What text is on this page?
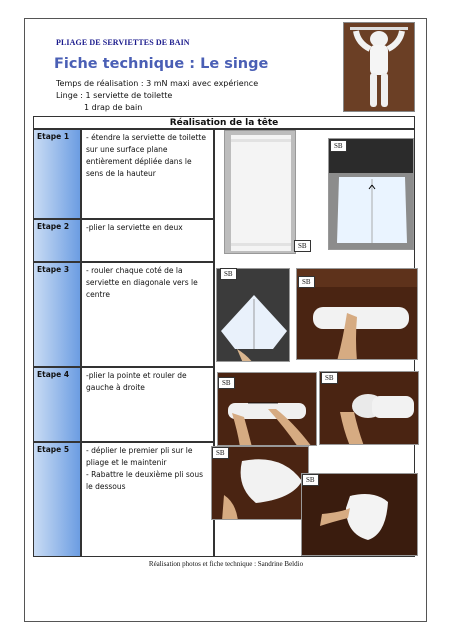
PLIAGE DE SERVIETTES DE BAIN
Fiche technique : Le singe
Temps de réalisation : 3 mN maxi avec expérience
Linge : 1 serviette de toilette
1 drap de bain
Réalisation de la tête
Etape 1 - étendre la serviette de toilette sur une surface plane entièrement dépliée dans le sens de la hauteur
Etape 2 -plier la serviette en deux
Etape 3 - rouler chaque coté de la serviette en diagonale vers le centre
Etape 4 -plier la pointe et rouler de gauche à droite
Etape 5 - déplier le premier pli sur le pliage et le maintenir
- Rabattre le deuxième pli sous le dessous
SB
SB
SB
SB
SB
SB
SB
SB
Réalisation photos et fiche technique : Sandrine Beldio
